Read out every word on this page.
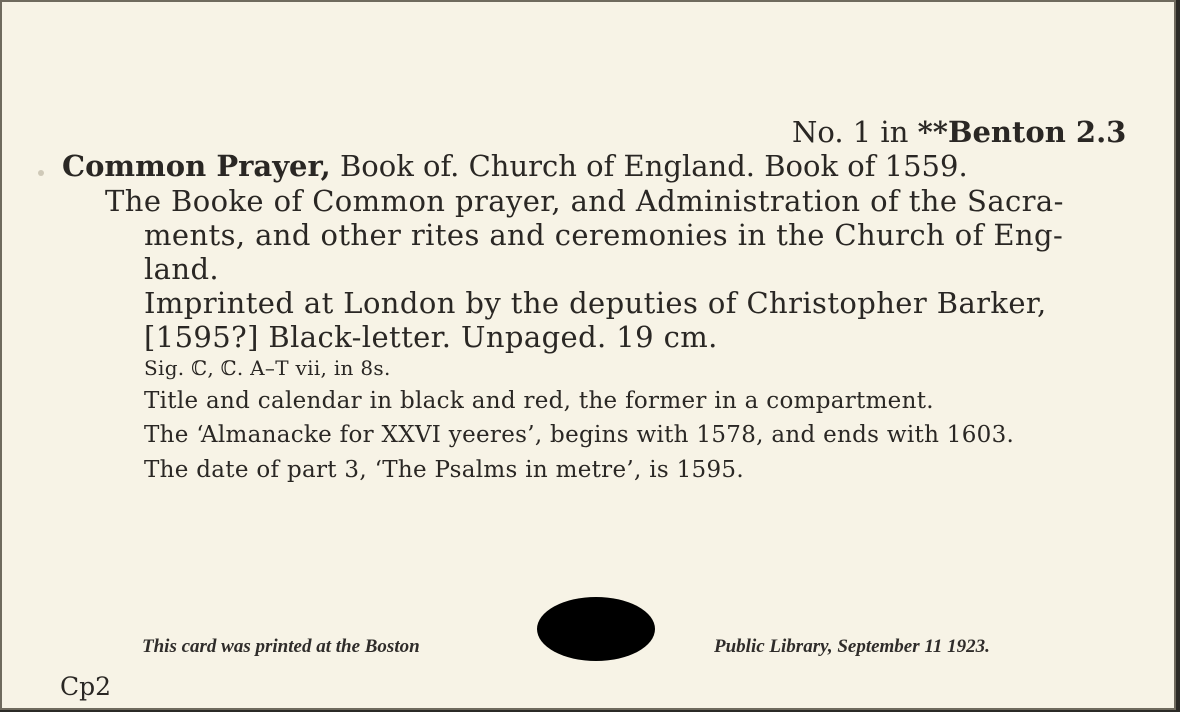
No. 1 in **Benton 2.3
Common Prayer, Book of. Church of England. Book of 1559.
The Booke of Common prayer, and Administration of the Sacra-
ments, and other rites and ceremonies in the Church of Eng-
land.
Imprinted at London by the deputies of Christopher Barker,
[1595?] Black-letter. Unpaged. 19 cm.
Sig. ℂ, ℂ. A–T vii, in 8s.
Title and calendar in black and red, the former in a compartment.
The ‘Almanacke for XXVI yeeres’, begins with 1578, and ends with 1603.
The date of part 3, ‘The Psalms in metre’, is 1595.
This card was printed at the Boston	Public Library, September 11 1923.
Cp2
